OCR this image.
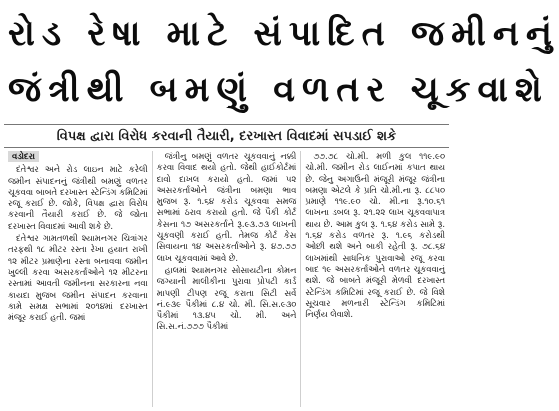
રોડ રેષા માટે સંપાદિત જમીનનું
જંત્રીથી બમણું વળતર ચૂકવાશે
વિપક્ષ દ્વારા વિરોધ કરવાની તૈયારી, દરખાસ્ત વિવાદમાં સપડાઈ શકે
વડોદરા

દંતેશ્વર અને રોડ લાઇન માટે કરેલી જમીન સંપાદનનું જંત્રીથી બમણું વળતર ચૂકવવા બાબતે દરખાસ્ત સ્ટેન્ડિંગ કમિટિમાં રજૂ કરાઈ છે. જોકે, વિપક્ષ દ્વારા વિરોધ કરવાની તૈયારી કરાઈ છે. જે જોતા દરખાસ્ત વિવાદમાં આવી શકે છે.

દંતેશ્વર ગામતળથી શ્યામનગર ચિત્રાંગર તરફથી ૧૮ મીટર રસ્તા રેખા હયાત રાખી ૧૨ મીટર પ્રમાણેના રસ્તા બનાવવા જમીન ખુલ્લી કરવા અસરકર્તાઓને ૧૨ મીટરના રસ્તામાં આવતી જમીનના સરકારના નવા કાયદા મુજબ જમીન સંપાદન કરવાના કામે સમક્ષ સભામાં ૨૦૧૪માં દરખાસ્ત મંજૂર કરાઈ હતી. જમાં

જંત્રીનુ બમણું વળતર ચૂકવવાનું નક્કી કરવા વિવાદ થયો હતો. જેથી હાઈકોર્ટમાં દાવો દાખલ કરાયો હતો. જમાં ૫૨ અસરકર્તાઓને જંત્રીના બમણા ભાવ મુજબ રૂ. ૧.૬૪ કરોડ ચૂકવવા સમજ સભામાં ઠરાવ કરાયો હતો. જે પૈકી કોર્ટ કેસના ૧૭ અસરકર્તાને રૂ.૯૩.૭૩ લાખની ચૂકવણી કરાઈ હતી. તેમજ કોર્ટ કેસ સિવાયના ૧૪ અસરકર્તાઓને રૂ. ૪૭.૭૭ લાખ ચૂકવવામાં આવે છે.

હાલમાં શ્યામનગર સોસાયટીના કોમન જગ્યાની માલીકીના પુરાવા પ્રોપટી કાર્ડ માપણી ટીપણ રજૂ કરાતા સિટી સર્વે નં.૯૩૯ પૈકીમાં ૮.૪ ચો. મી. સિ.સ.૯૩૦ પૈકીમાં ૧૩.૪૫ ચો. મી. અને સિ.સ.નં.૭૭૭ પૈકીમાં

૭૭.૭૮ ચો.મી. મળી કુલ ૧૧૯.૯૦ ચો.મી. જમીન રોડ લાઈનમાં કપાત થાય છે. જેનુ અગાઉની મંજૂરી મંજૂર જંત્રીના બમણા એટલે કે પ્રતિ ચો.મી.ના રૂ. ૮૮૫૦ પ્રમાણે ૧૧૯.૯૦ ચો. મી.ના રૂ.૧૦.૬૧ લાખના ડબલ રૂ. ૨૧.૨૨ લાખ ચૂકવવાપાત્ર થાય છે. આમ કુલ રૂ. ૧.૬૪ કરોડ સામે રૂ. ૧.૬૪ કરોડ વળતર રૂ. ૧.૯૬ કરોડથી ઓછી થશે અને બાકી રહેતી રૂ. ૭૮.૬૪ લાખમાંથી સાધનિક પુરાવાઓ રજૂ કરવા બાદ ૧૯ અસરકર્તાઓને વળતર ચૂકવવાનું થશે. જે બાબતે મંજૂરી મેળવી દરખાસ્ત સ્ટેન્ડિંગ કમિટિમાં રજૂ કરાઈ છે. જે વિશે સૂચવાર મળનારી સ્ટેન્ડિંગ કમિટિમાં નિર્ણય લેવાશે.
